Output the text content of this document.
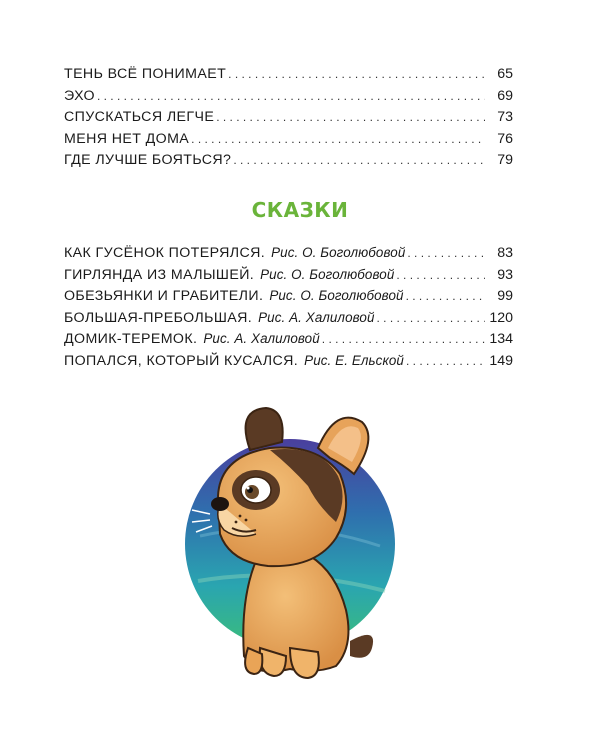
ТЕНЬ ВСЁ ПОНИМАЕТ . . .	65
ЭХО . . .	69
СПУСКАТЬСЯ ЛЕГЧЕ . . .	73
МЕНЯ НЕТ ДОМА . . .	76
ГДЕ ЛУЧШЕ БОЯТЬСЯ? . . .	79
СКАЗКИ
КАК ГУСЁНОК ПОТЕРЯЛСЯ. Рис. О. Боголюбовой . . .	83
ГИРЛЯНДА ИЗ МАЛЫШЕЙ. Рис. О. Боголюбовой . . .	93
ОБЕЗЬЯНКИ И ГРАБИТЕЛИ. Рис. О. Боголюбовой . . .	99
БОЛЬШАЯ-ПРЕБОЛЬШАЯ. Рис. А. Халиловой . . .	120
ДОМИК-ТЕРЕМОК. Рис. А. Халиловой . . .	134
ПОПАЛСЯ, КОТОРЫЙ КУСАЛСЯ. Рис. Е. Ельской . . .	149
